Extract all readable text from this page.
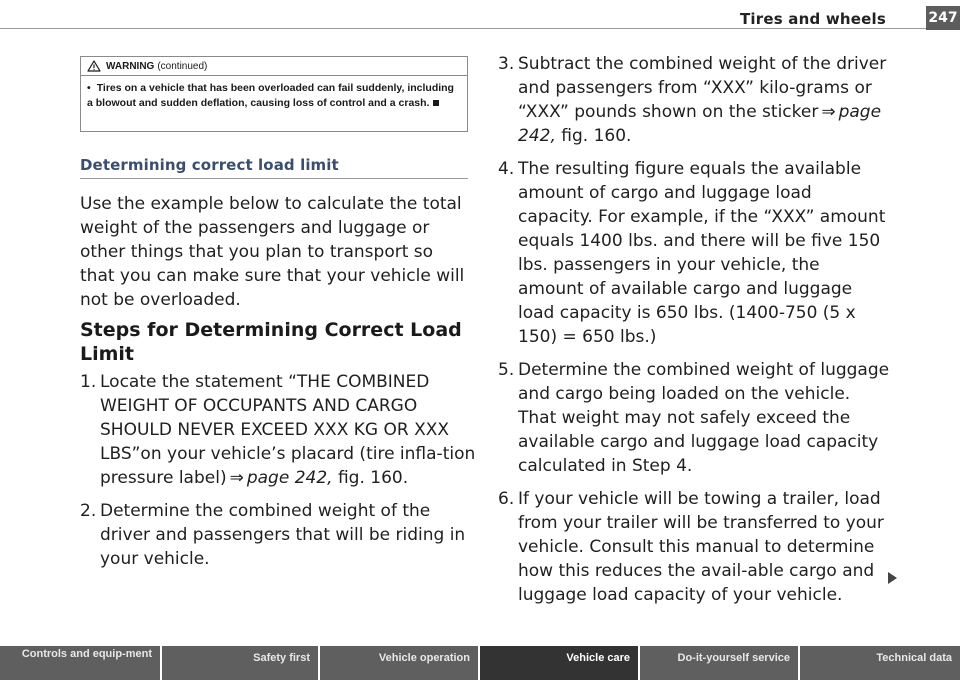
Tires and wheels	247
WARNING (continued)
• Tires on a vehicle that has been overloaded can fail suddenly, including a blowout and sudden deflation, causing loss of control and a crash.
Determining correct load limit

Use the example below to calculate the total weight of the passengers and luggage or other things that you plan to transport so that you can make sure that your vehicle will not be overloaded.

Steps for Determining Correct Load Limit
1. Locate the statement “THE COMBINED WEIGHT OF OCCUPANTS AND CARGO SHOULD NEVER EXCEED XXX KG OR XXX LBS”on your vehicle’s placard (tire infla-tion pressure label) ⇒ page 242, fig. 160.
2. Determine the combined weight of the driver and passengers that will be riding in your vehicle.
3. Subtract the combined weight of the driver and passengers from “XXX” kilo-grams or “XXX” pounds shown on the sticker ⇒ page 242, fig. 160.
4. The resulting figure equals the available amount of cargo and luggage load capacity. For example, if the “XXX” amount equals 1400 lbs. and there will be five 150 lbs. passengers in your vehicle, the amount of available cargo and luggage load capacity is 650 lbs. (1400-750 (5 x 150) = 650 lbs.)
5. Determine the combined weight of luggage and cargo being loaded on the vehicle. That weight may not safely exceed the available cargo and luggage load capacity calculated in Step 4.
6. If your vehicle will be towing a trailer, load from your trailer will be transferred to your vehicle. Consult this manual to determine how this reduces the avail-able cargo and luggage load capacity of your vehicle.
Controls and equip-ment	Safety first	Vehicle operation	Vehicle care	Do-it-yourself service	Technical data
